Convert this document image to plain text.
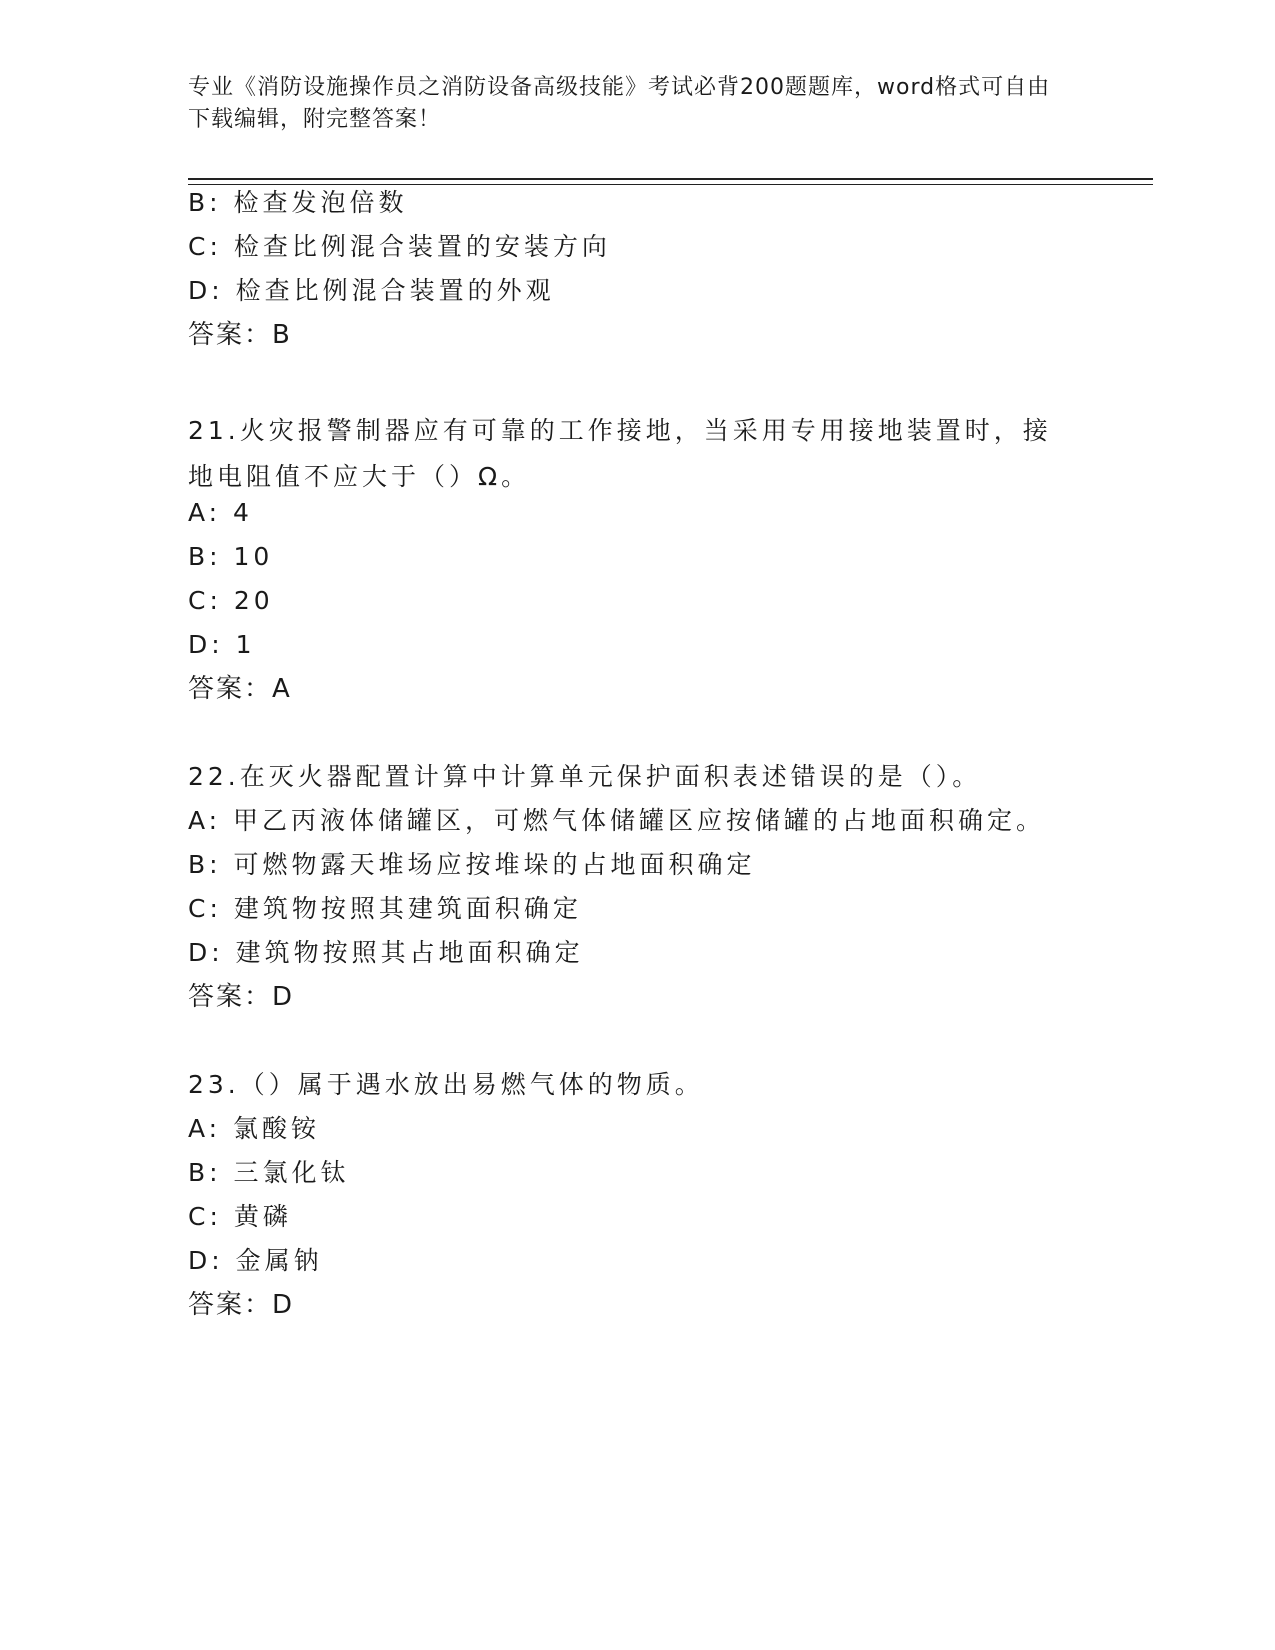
专业《消防设施操作员之消防设备高级技能》考试必背200题题库，word格式可自由下载编辑，附完整答案！
B: 检查发泡倍数
C: 检查比例混合装置的安装方向
D: 检查比例混合装置的外观
答案：B
21.火灾报警制器应有可靠的工作接地，当采用专用接地装置时，接地电阻值不应大于（）Ω。
A: 4
B: 10
C: 20
D: 1
答案：A
22.在灭火器配置计算中计算单元保护面积表述错误的是（）。
A: 甲乙丙液体储罐区，可燃气体储罐区应按储罐的占地面积确定。
B: 可燃物露天堆场应按堆垛的占地面积确定
C: 建筑物按照其建筑面积确定
D: 建筑物按照其占地面积确定
答案：D
23.（）属于遇水放出易燃气体的物质。
A: 氯酸铵
B: 三氯化钛
C: 黄磷
D: 金属钠
答案：D
